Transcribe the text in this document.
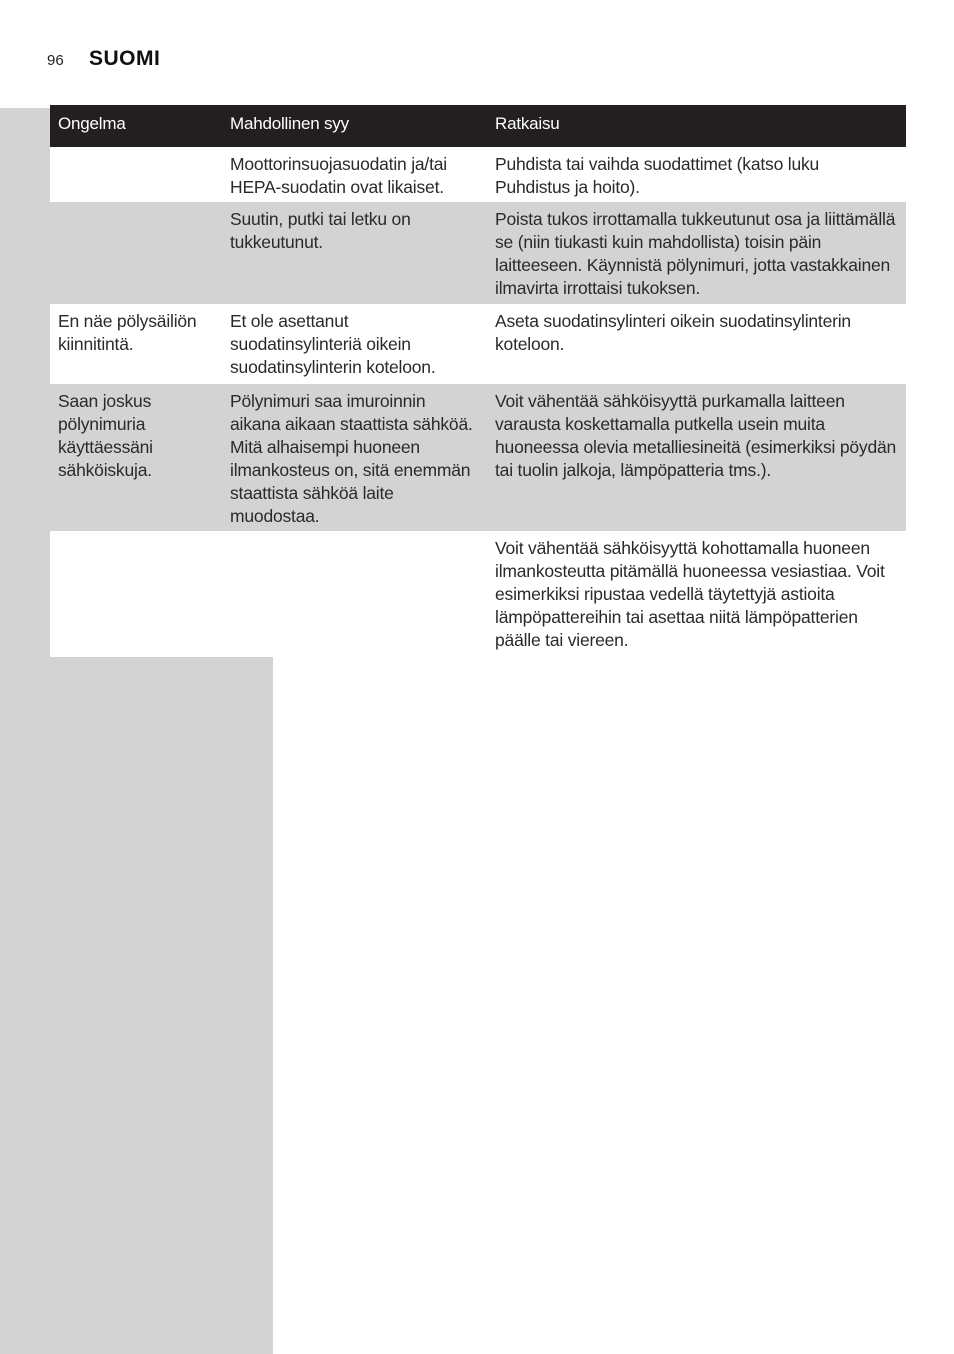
96 SUOMI
Ongelma	Mahdollinen syy	Ratkaisu
Moottorinsuojasuodatin ja/tai HEPA-suodatin ovat likaiset.
Puhdista tai vaihda suodattimet (katso luku Puhdistus ja hoito).
Suutin, putki tai letku on tukkeutunut.
Poista tukos irrottamalla tukkeutunut osa ja liittämällä se (niin tiukasti kuin mahdollista) toisin päin laitteeseen. Käynnistä pölynimuri, jotta vastakkainen ilmavirta irrottaisi tukoksen.
En näe pölysäiliön kiinnitintä.
Et ole asettanut suodatinsylinteriä oikein suodatinsylinterin koteloon.
Aseta suodatinsylinteri oikein suodatinsylinterin koteloon.
Saan joskus pölynimuria käyttäessäni sähköiskuja.
Pölynimuri saa imuroinnin aikana aikaan staattista sähköä. Mitä alhaisempi huoneen ilmankosteus on, sitä enemmän staattista sähköä laite muodostaa.
Voit vähentää sähköisyyttä purkamalla laitteen varausta koskettamalla putkella usein muita huoneessa olevia metalliesineitä (esimerkiksi pöydän tai tuolin jalkoja, lämpöpatteria tms.).
Voit vähentää sähköisyyttä kohottamalla huoneen ilmankosteutta pitämällä huoneessa vesiastiaa. Voit esimerkiksi ripustaa vedellä täytettyjä astioita lämpöpattereihin tai asettaa niitä lämpöpatterien päälle tai viereen.
